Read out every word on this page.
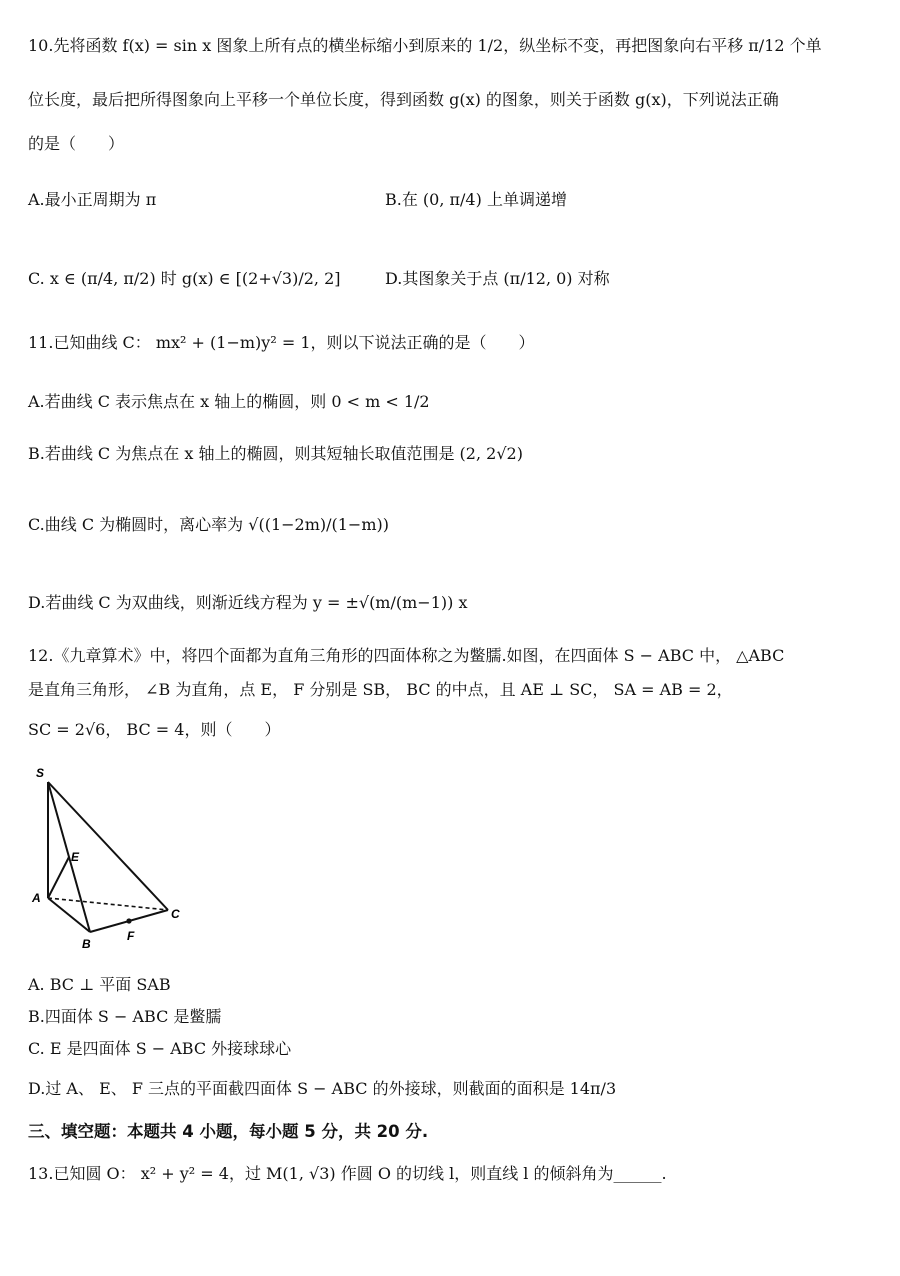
10.先将函数 f(x) = sin x 图象上所有点的横坐标缩小到原来的 1/2，纵坐标不变，再把图象向右平移 π/12 个单
位长度，最后把所得图象向上平移一个单位长度，得到函数 g(x) 的图象，则关于函数 g(x)，下列说法正确
的是（　　）
A.最小正周期为 π	B.在 (0, π/4) 上单调递增
C. x ∈ (π/4, π/2) 时 g(x) ∈ [(2+√3)/2, 2]	D.其图象关于点 (π/12, 0) 对称
11.已知曲线 C： mx² + (1−m)y² = 1，则以下说法正确的是（　　）
A.若曲线 C 表示焦点在 x 轴上的椭圆，则 0 < m < 1/2
B.若曲线 C 为焦点在 x 轴上的椭圆，则其短轴长取值范围是 (2, 2√2)
C.曲线 C 为椭圆时，离心率为 √((1−2m)/(1−m))
D.若曲线 C 为双曲线，则渐近线方程为 y = ±√(m/(m−1)) x
12.《九章算术》中，将四个面都为直角三角形的四面体称之为鳖臑.如图，在四面体 S − ABC 中， △ABC
是直角三角形， ∠B 为直角，点 E， F 分别是 SB， BC 的中点，且 AE ⊥ SC， SA = AB = 2，
SC = 2√6， BC = 4，则（　　）
S
E
A
C
B
F
A. BC ⊥ 平面 SAB
B.四面体 S − ABC 是鳖臑
C. E 是四面体 S − ABC 外接球球心
D.过 A、 E、 F 三点的平面截四面体 S − ABC 的外接球，则截面的面积是 14π/3
三、填空题：本题共 4 小题，每小题 5 分，共 20 分.
13.已知圆 O： x² + y² = 4，过 M(1, √3) 作圆 O 的切线 l，则直线 l 的倾斜角为______.
